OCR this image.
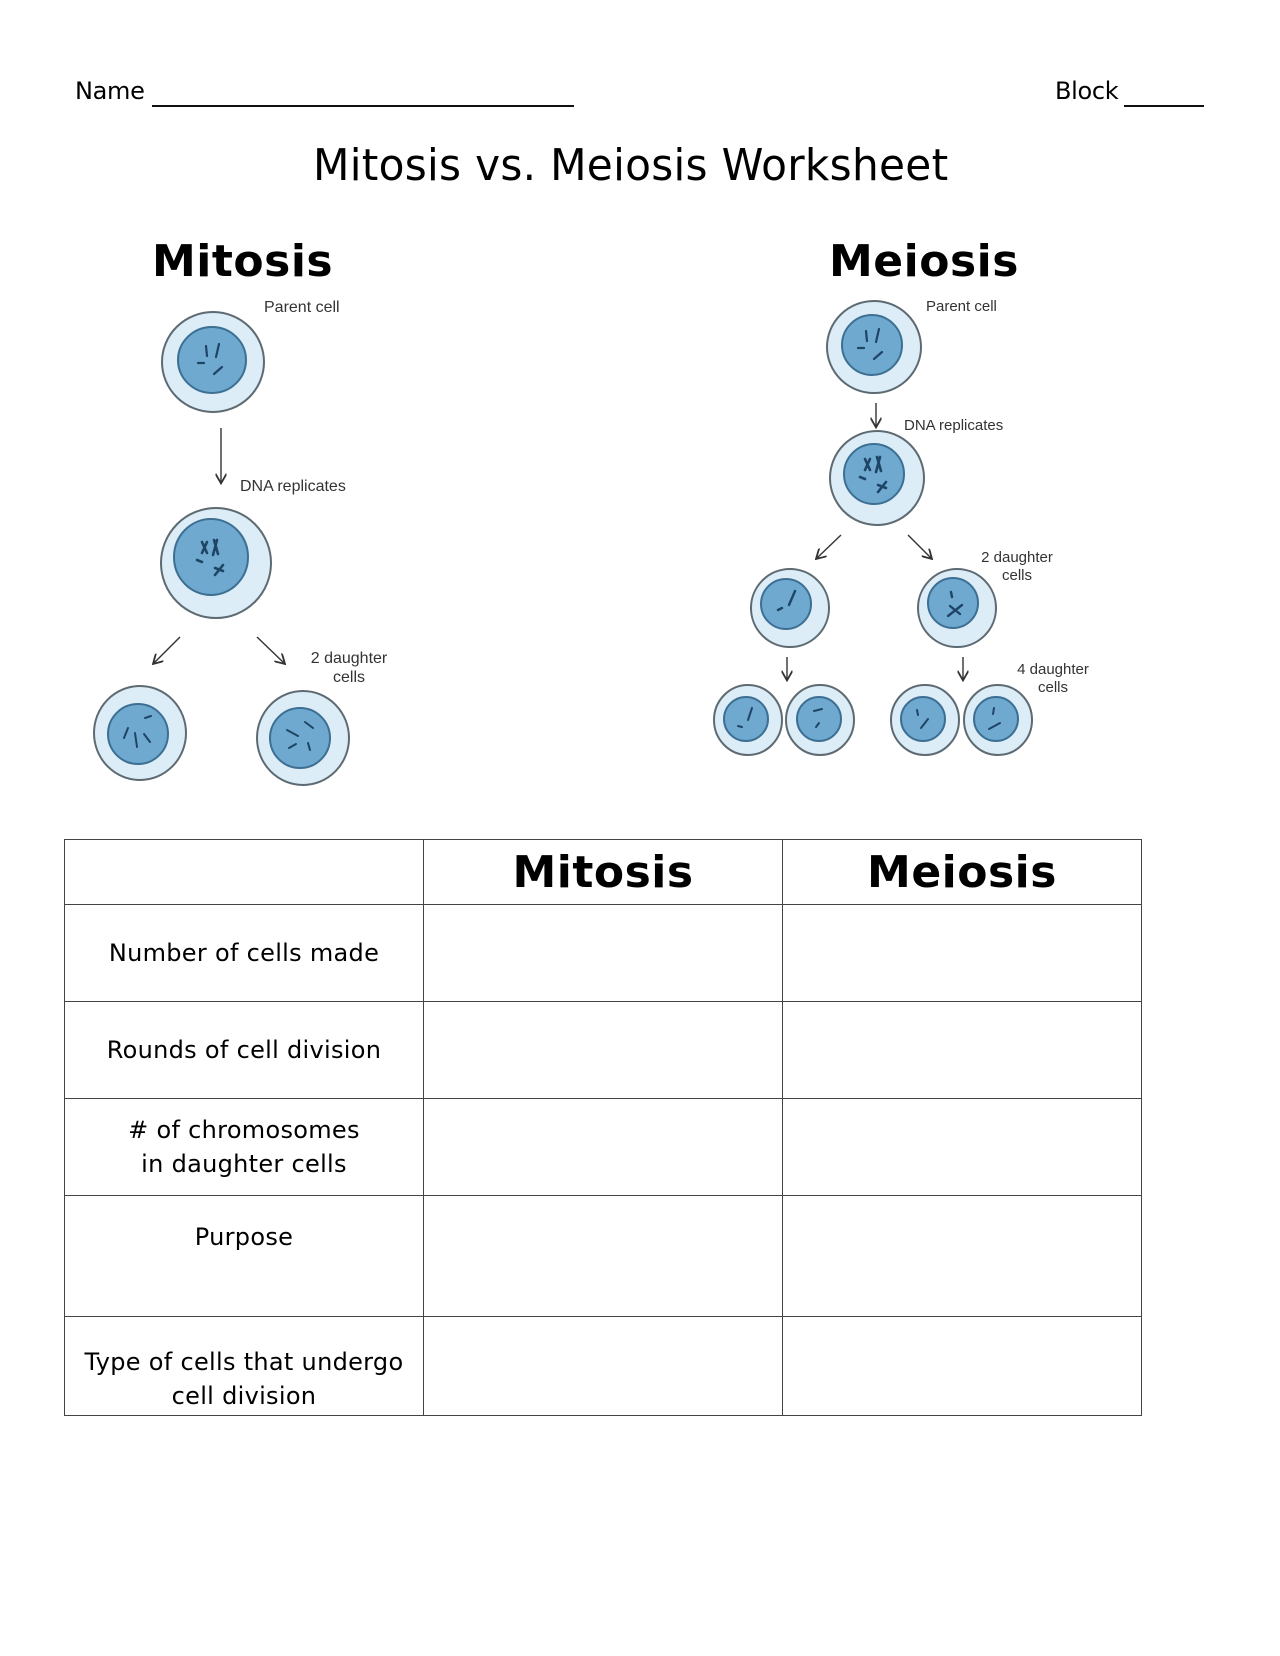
Name	Block
Mitosis vs. Meiosis Worksheet
Mitosis	Meiosis
Parent cell
DNA replicates
2 daughter
cells
Parent cell
DNA replicates
2 daughter
cells
4 daughter
cells
	Mitosis	Meiosis
Number of cells made		
Rounds of cell division		
# of chromosomes in daughter cells		
Purpose		
Type of cells that undergo cell division		
